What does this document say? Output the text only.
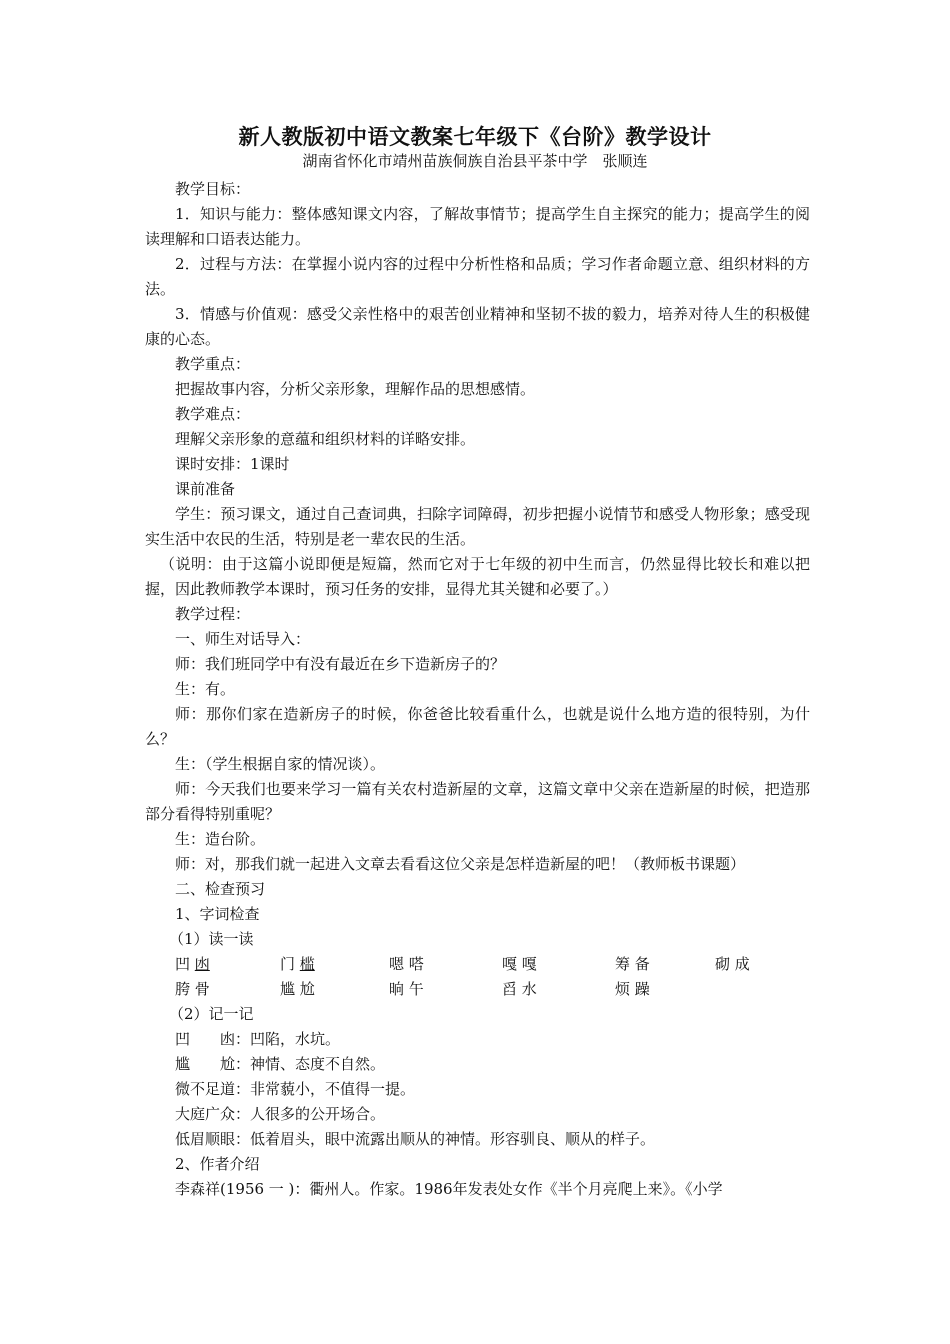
新人教版初中语文教案七年级下《台阶》教学设计
湖南省怀化市靖州苗族侗族自治县平茶中学　张顺连

教学目标：

1．知识与能力：整体感知课文内容，了解故事情节；提高学生自主探究的能力；提高学生的阅读理解和口语表达能力。

2．过程与方法：在掌握小说内容的过程中分析性格和品质；学习作者命题立意、组织材料的方法。

3．情感与价值观：感受父亲性格中的艰苦创业精神和坚韧不拔的毅力，培养对待人生的积极健康的心态。

教学重点：

把握故事内容，分析父亲形象，理解作品的思想感情。

教学难点：

理解父亲形象的意蕴和组织材料的详略安排。

课时安排：1课时

课前准备

学生：预习课文，通过自己查词典，扫除字词障碍，初步把握小说情节和感受人物形象；感受现实生活中农民的生活，特别是老一辈农民的生活。

（说明：由于这篇小说即便是短篇，然而它对于七年级的初中生而言，仍然显得比较长和难以把握，因此教师教学本课时，预习任务的安排，显得尤其关键和必要了。）

教学过程：

一、师生对话导入：

师：我们班同学中有没有最近在乡下造新房子的？

生：有。

师：那你们家在造新房子的时候，你爸爸比较看重什么，也就是说什么地方造的很特别，为什么？

生：（学生根据自家的情况谈）。

师：今天我们也要来学习一篇有关农村造新屋的文章，这篇文章中父亲在造新屋的时候，把造那部分看得特别重呢？

生：造台阶。

师：对，那我们就一起进入文章去看看这位父亲是怎样造新屋的吧！（教师板书课题）

二、检查预习

1、字词检查

（1）读一读

凹 凼	门 槛	嗯 嗒	嘎 嘎	筹 备	砌 成
胯 骨	尴 尬	晌 午	舀 水	烦 躁

（2）记一记

凹　　凼：凹陷，水坑。
尴　　尬：神情、态度不自然。
微不足道：非常藐小，不值得一提。
大庭广众：人很多的公开场合。
低眉顺眼：低着眉头，眼中流露出顺从的神情。形容驯良、顺从的样子。

2、作者介绍

李森祥(1956 一 )：衢州人。作家。1986年发表处女作《半个月亮爬上来》。《小学
